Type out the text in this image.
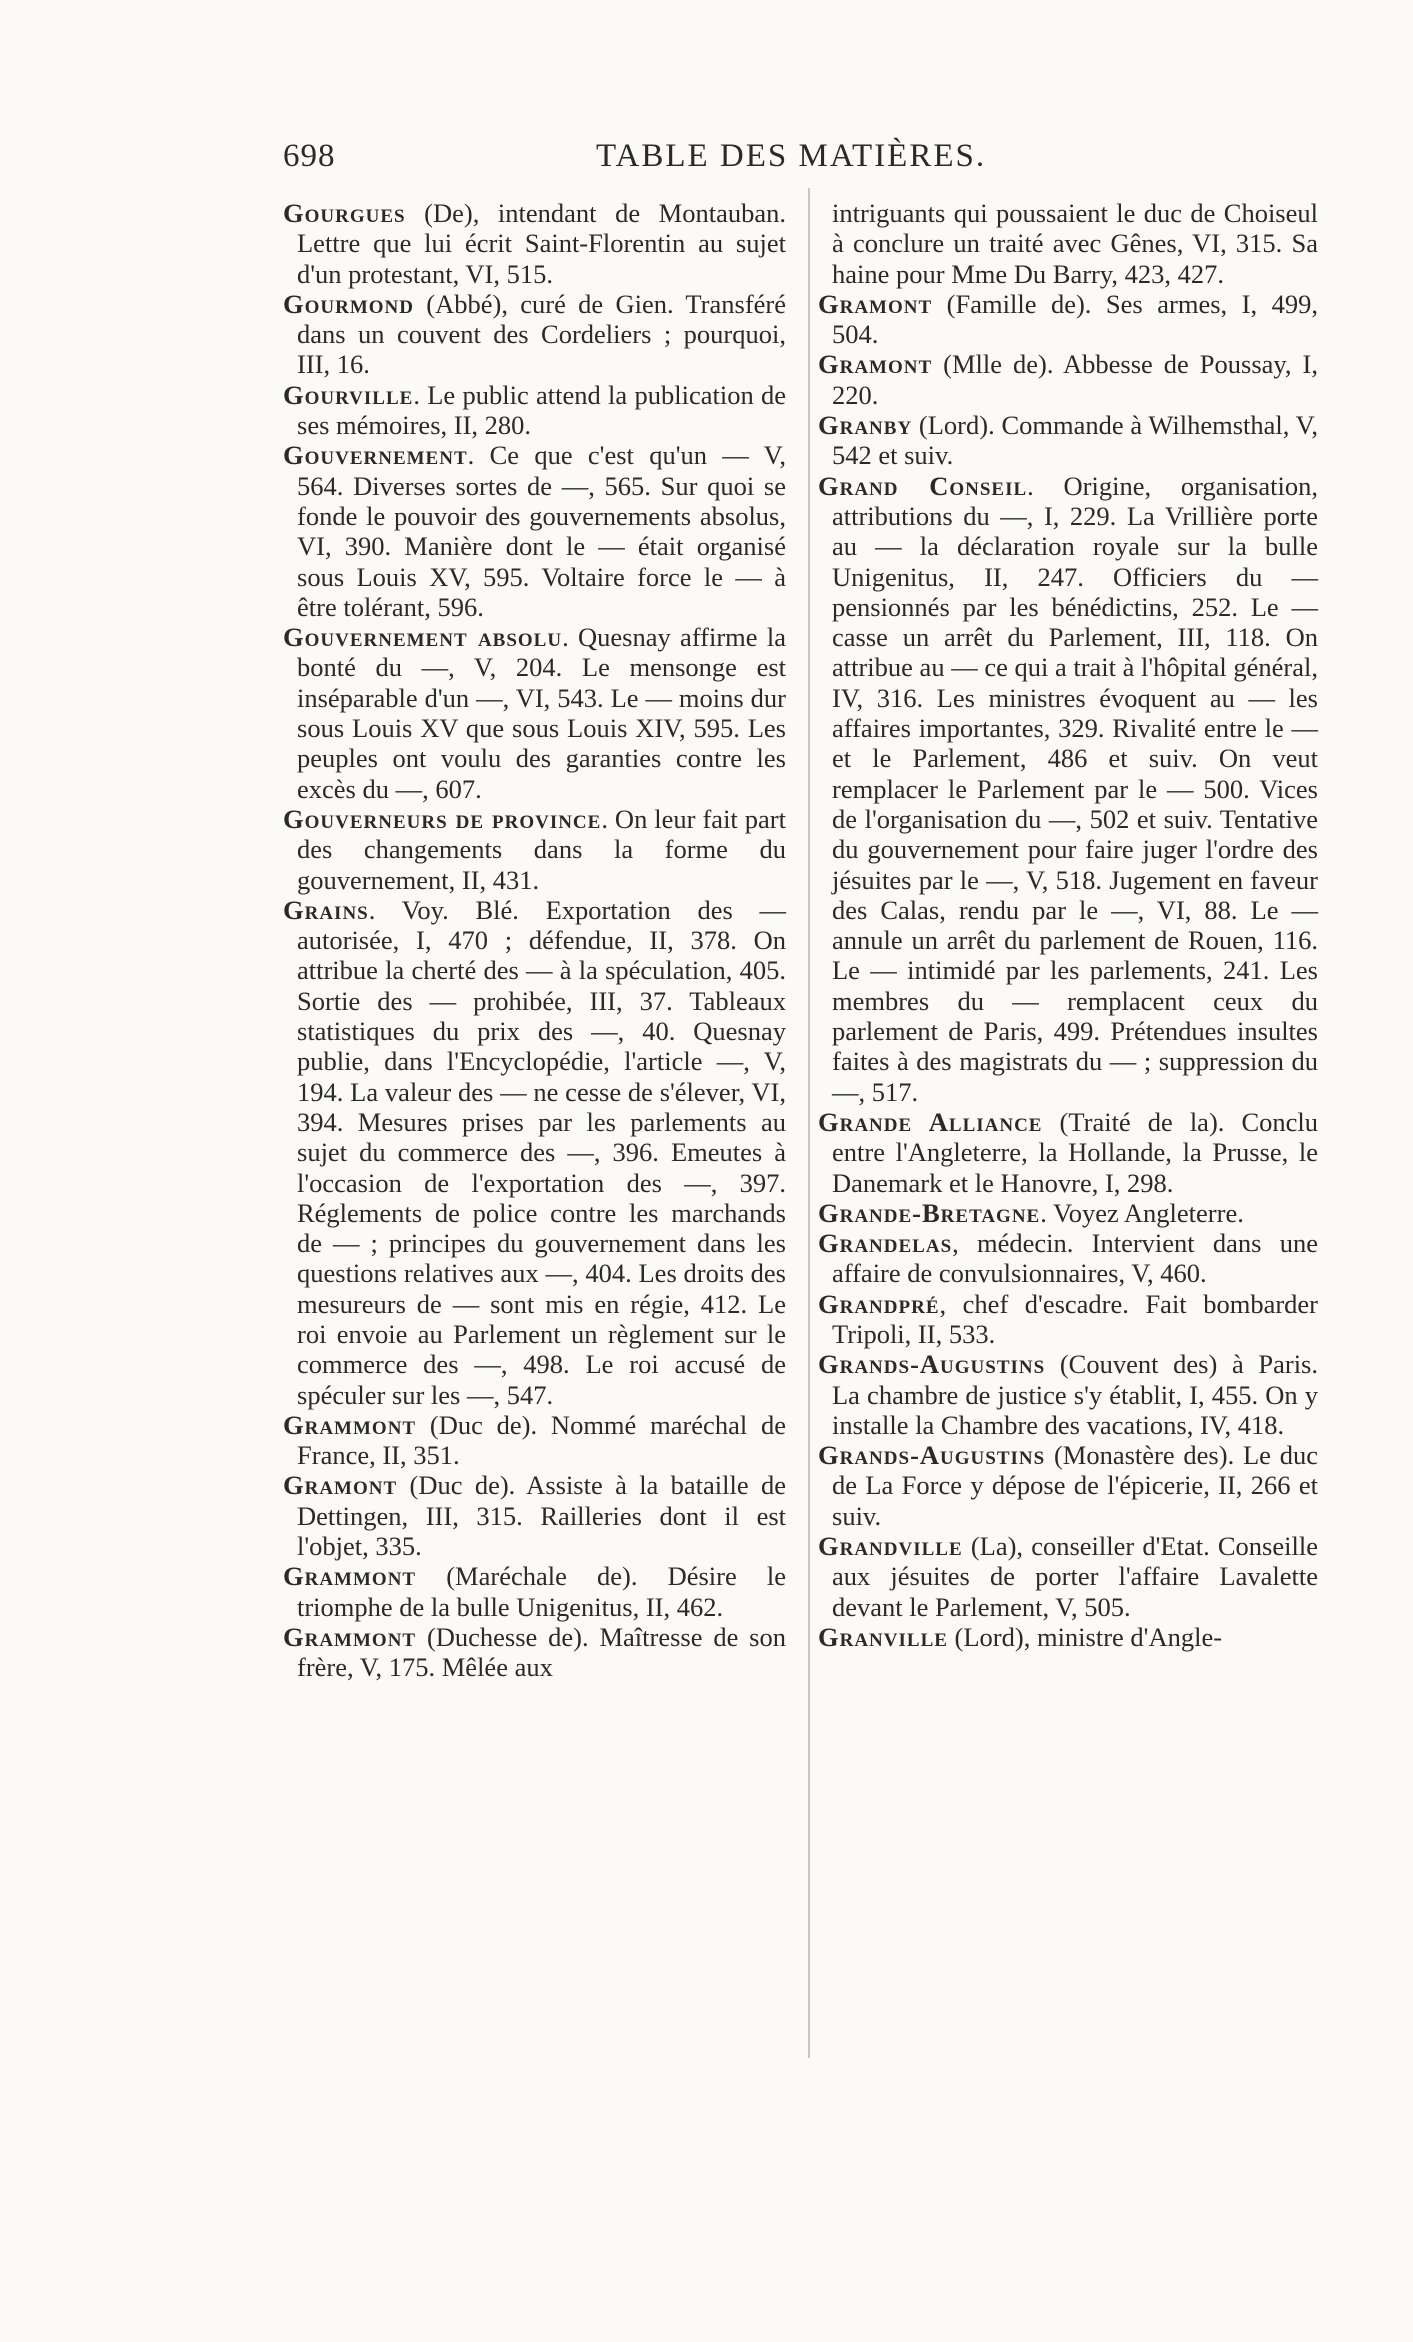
698	TABLE DES MATIÈRES.

Gourgues (De), intendant de Montauban. Lettre que lui écrit Saint-Florentin au sujet d'un protestant, VI, 515.

Gourmond (Abbé), curé de Gien. Transféré dans un couvent des Cordeliers ; pourquoi, III, 16.

Gourville. Le public attend la publication de ses mémoires, II, 280.

Gouvernement. Ce que c'est qu'un — V, 564. Diverses sortes de —, 565. Sur quoi se fonde le pouvoir des gouvernements absolus, VI, 390. Manière dont le — était organisé sous Louis XV, 595. Voltaire force le — à être tolérant, 596.

Gouvernement absolu. Quesnay affirme la bonté du —, V, 204. Le mensonge est inséparable d'un —, VI, 543. Le — moins dur sous Louis XV que sous Louis XIV, 595. Les peuples ont voulu des garanties contre les excès du —, 607.

Gouverneurs de province. On leur fait part des changements dans la forme du gouvernement, II, 431.

Grains. Voy. Blé. Exportation des — autorisée, I, 470 ; défendue, II, 378. On attribue la cherté des — à la spéculation, 405. Sortie des — prohibée, III, 37. Tableaux statistiques du prix des —, 40. Quesnay publie, dans l'Encyclopédie, l'article —, V, 194. La valeur des — ne cesse de s'élever, VI, 394. Mesures prises par les parlements au sujet du commerce des —, 396. Emeutes à l'occasion de l'exportation des —, 397. Réglements de police contre les marchands de — ; principes du gouvernement dans les questions relatives aux —, 404. Les droits des mesureurs de — sont mis en régie, 412. Le roi envoie au Parlement un règlement sur le commerce des —, 498. Le roi accusé de spéculer sur les —, 547.

Grammont (Duc de). Nommé maréchal de France, II, 351.

Gramont (Duc de). Assiste à la bataille de Dettingen, III, 315. Railleries dont il est l'objet, 335.

Grammont (Maréchale de). Désire le triomphe de la bulle Unigenitus, II, 462.

Grammont (Duchesse de). Maîtresse de son frère, V, 175. Mêlée aux

intriguants qui poussaient le duc de Choiseul à conclure un traité avec Gênes, VI, 315. Sa haine pour Mme Du Barry, 423, 427.

Gramont (Famille de). Ses armes, I, 499, 504.

Gramont (Mlle de). Abbesse de Poussay, I, 220.

Granby (Lord). Commande à Wilhemsthal, V, 542 et suiv.

Grand Conseil. Origine, organisation, attributions du —, I, 229. La Vrillière porte au — la déclaration royale sur la bulle Unigenitus, II, 247. Officiers du — pensionnés par les bénédictins, 252. Le — casse un arrêt du Parlement, III, 118. On attribue au — ce qui a trait à l'hôpital général, IV, 316. Les ministres évoquent au — les affaires importantes, 329. Rivalité entre le — et le Parlement, 486 et suiv. On veut remplacer le Parlement par le — 500. Vices de l'organisation du —, 502 et suiv. Tentative du gouvernement pour faire juger l'ordre des jésuites par le —, V, 518. Jugement en faveur des Calas, rendu par le —, VI, 88. Le — annule un arrêt du parlement de Rouen, 116. Le — intimidé par les parlements, 241. Les membres du — remplacent ceux du parlement de Paris, 499. Prétendues insultes faites à des magistrats du — ; suppression du —, 517.

Grande Alliance (Traité de la). Conclu entre l'Angleterre, la Hollande, la Prusse, le Danemark et le Hanovre, I, 298.

Grande-Bretagne. Voyez Angleterre.

Grandelas, médecin. Intervient dans une affaire de convulsionnaires, V, 460.

Grandpré, chef d'escadre. Fait bombarder Tripoli, II, 533.

Grands-Augustins (Couvent des) à Paris. La chambre de justice s'y établit, I, 455. On y installe la Chambre des vacations, IV, 418.

Grands-Augustins (Monastère des). Le duc de La Force y dépose de l'épicerie, II, 266 et suiv.

Grandville (La), conseiller d'Etat. Conseille aux jésuites de porter l'affaire Lavalette devant le Parlement, V, 505.

Granville (Lord), ministre d'Angle-
